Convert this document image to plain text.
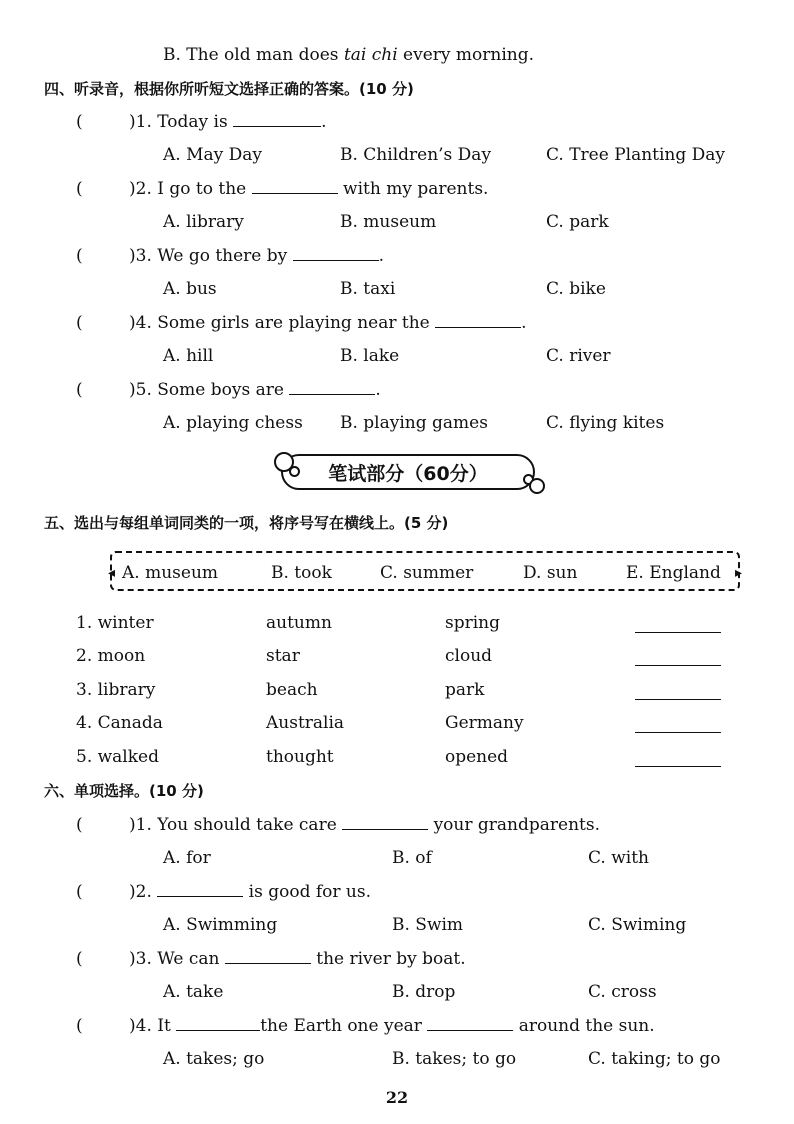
B. The old man does tai chi every morning.
四、听录音，根据你所听短文选择正确的答案。(10 分)
(	)1. Today is	.
A. May Day	B. Children’s Day	C. Tree Planting Day
(	)2. I go to the	with my parents.
A. library	B. museum	C. park
(	)3. We go there by	.
A. bus	B. taxi	C. bike
(	)4. Some girls are playing near the	.
A. hill	B. lake	C. river
(	)5. Some boys are	.
A. playing chess B. playing games	C. flying kites
笔试部分（60分）
五、选出与每组单词同类的一项，将序号写在横线上。(5 分)
◂ A. museum	B. took	C. summer	D. sun	E. England ▸
1. winter	autumn	spring
2. moon	star	cloud
3. library	beach	park
4. Canada	Australia	Germany
5. walked	thought	opened
六、单项选择。(10 分)
(	)1. You should take care	your grandparents.
A. for	B. of	C. with
(	)2.	is good for us.
A. Swimming	B. Swim	C. Swiming
(	)3. We can	the river by boat.
A. take	B. drop	C. cross
(	)4. It	the Earth one year	around the sun.
A. takes; go	B. takes; to go	C. taking; to go
22
